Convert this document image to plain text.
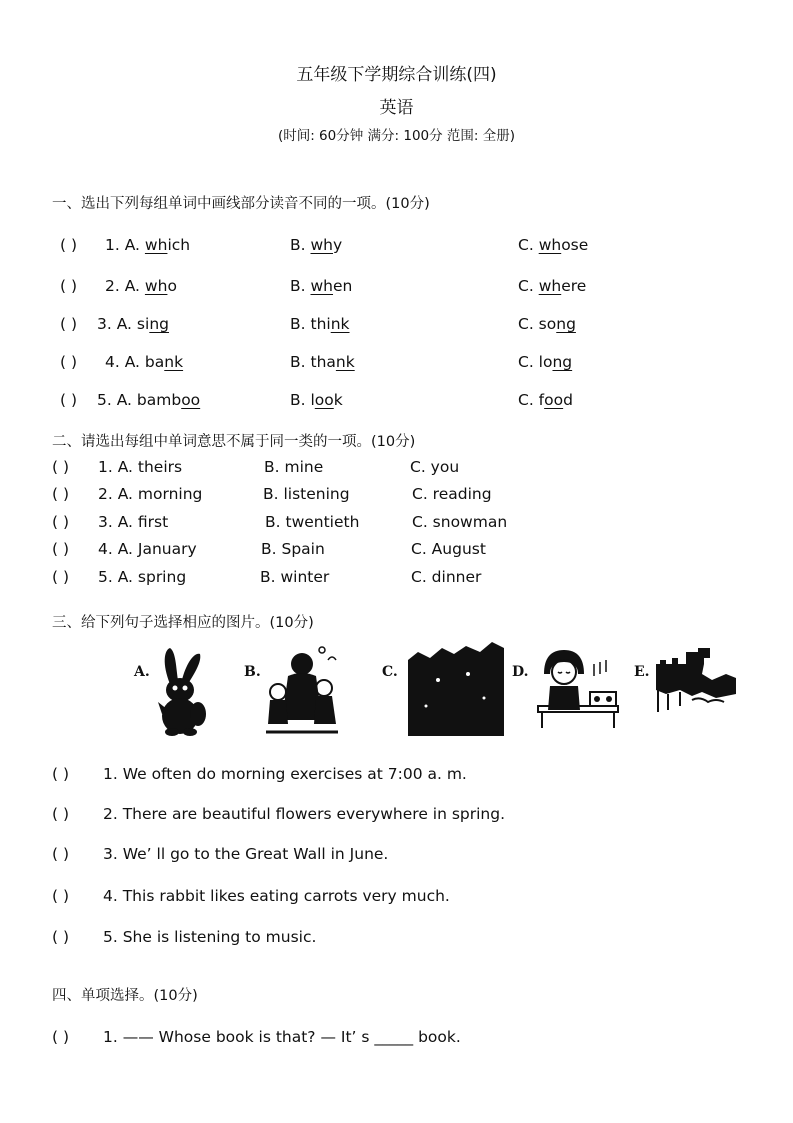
五年级下学期综合训练(四)
英语
(时间: 60分钟 满分: 100分 范围: 全册)
一、选出下列每组单词中画线部分读音不同的一项。(10分)
( ) 1. A. which	B. why	C. whose
( ) 2. A. who	B. when	C. where
( ) 3. A. sing	B. think	C. song
( ) 4. A. bank	B. thank	C. long
( ) 5. A. bamboo	B. look	C. food
二、请选出每组中单词意思不属于同一类的一项。(10分)
( ) 1. A. theirs	B. mine	C. you
( ) 2. A. morning	B. listening	C. reading
( ) 3. A. first	B. twentieth	C. snowman
( ) 4. A. January	B. Spain	C. August
( ) 5. A. spring	B. winter	C. dinner
三、给下列句子选择相应的图片。(10分)
A.	B.	C.	D.	E.
( ) 1. We often do morning exercises at 7:00 a. m.
( ) 2. There are beautiful flowers everywhere in spring.
( ) 3. We’ ll go to the Great Wall in June.
( ) 4. This rabbit likes eating carrots very much.
( ) 5. She is listening to music.
四、单项选择。(10分)
( ) 1. —— Whose book is that? — It’ s _____ book.
